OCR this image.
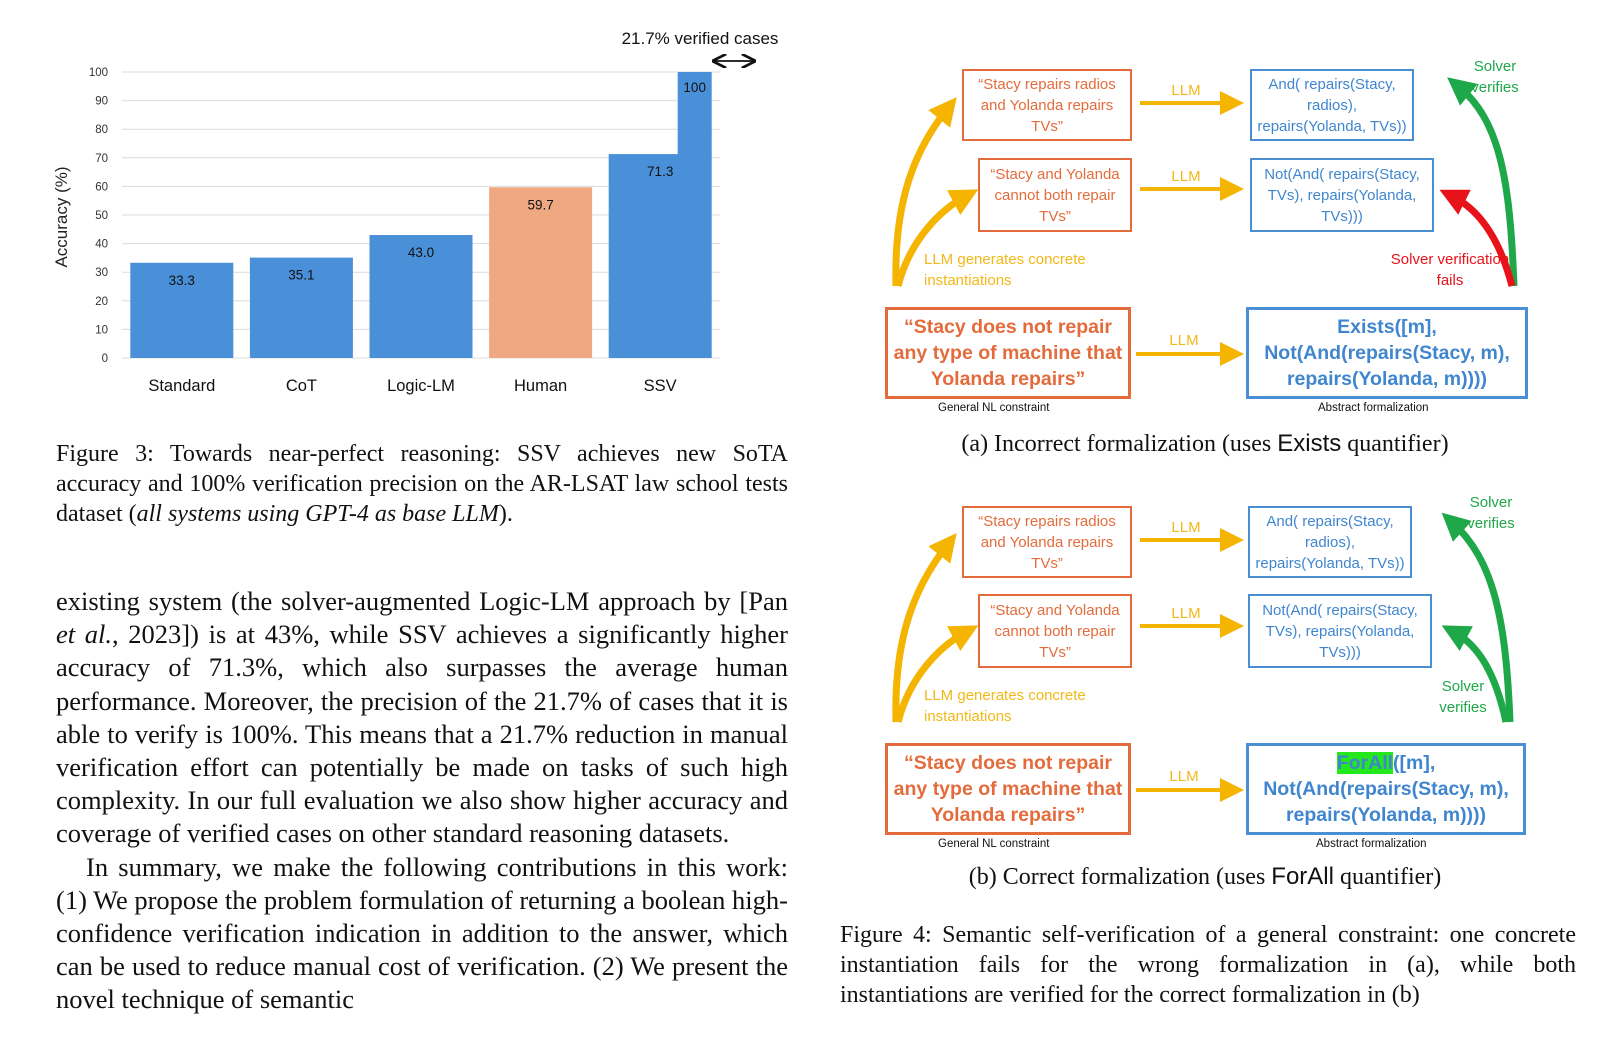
0
10
20
30
40
50
60
70
80
90
100
33.3	35.1
43.0
59.7
71.3
100
Standard	CoT	Logic-LM	Human	SSV
Accuracy (%)
21.7% verified cases
Figure 3: Towards near-perfect reasoning: SSV achieves new SoTA accuracy and 100% verification precision on the AR-LSAT law school tests dataset (all systems using GPT-4 as base LLM).

existing system (the solver-augmented Logic-LM approach by [Pan et al., 2023]) is at 43%, while SSV achieves a significantly higher accuracy of 71.3%, which also surpasses the average human performance. Moreover, the precision of the 21.7% of cases that it is able to verify is 100%. This means that a 21.7% reduction in manual verification effort can potentially be made on tasks of such high complexity. In our full evaluation we also show higher accuracy and coverage of verified cases on other standard reasoning datasets.

In summary, we make the following contributions in this work: (1) We propose the problem formulation of returning a boolean high-confidence verification indication in addition to the answer, which can be used to reduce manual cost of verification. (2) We present the novel technique of semantic

“Stacy repairs radios and Yolanda repairs TVs”
“Stacy and Yolanda cannot both repair TVs”
And( repairs(Stacy, radios), repairs(Yolanda, TVs))
Not(And( repairs(Stacy, TVs), repairs(Yolanda, TVs)))
“Stacy does not repair any type of machine that Yolanda repairs”
Exists([m], Not(And(repairs(Stacy, m), repairs(Yolanda, m))))
LLM
LLM
LLM
LLM generates concrete instantiations
Solver verifies
Solver verification fails
General NL constraint	Abstract formalization
(a) Incorrect formalization (uses Exists quantifier)
“Stacy repairs radios and Yolanda repairs TVs”
“Stacy and Yolanda cannot both repair TVs”
And( repairs(Stacy, radios), repairs(Yolanda, TVs))
Not(And( repairs(Stacy, TVs), repairs(Yolanda, TVs)))
“Stacy does not repair any type of machine that Yolanda repairs”
ForAll([m], Not(And(repairs(Stacy, m), repairs(Yolanda, m))))
LLM
LLM
LLM
LLM generates concrete instantiations
Solver verifies
Solver verifies
General NL constraint	Abstract formalization
(b) Correct formalization (uses ForAll quantifier)
Figure 4: Semantic self-verification of a general constraint: one concrete instantiation fails for the wrong formalization in (a), while both instantiations are verified for the correct formalization in (b)
